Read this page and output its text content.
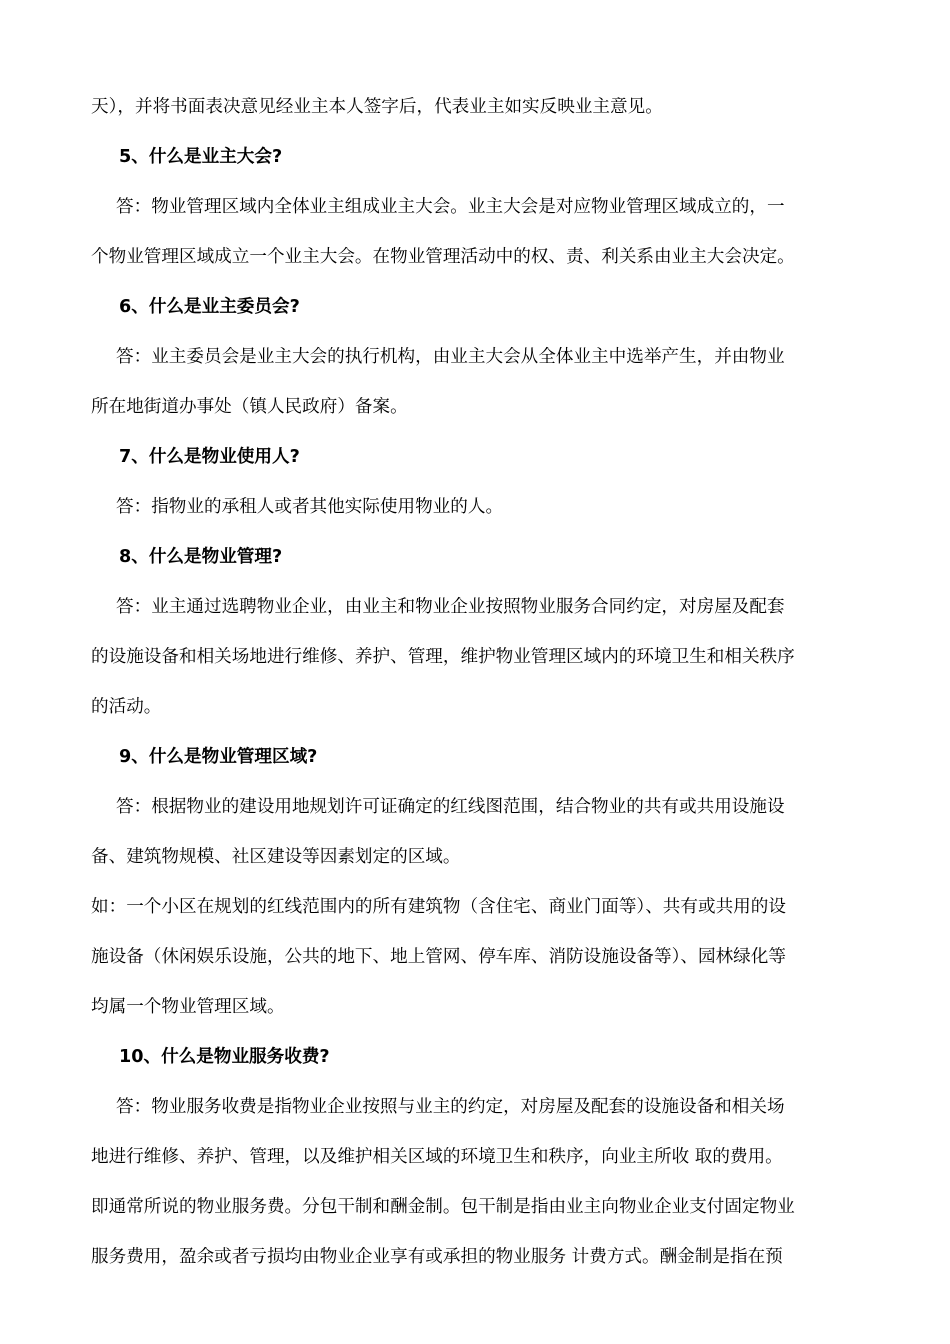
天），并将书面表决意见经业主本人签字后，代表业主如实反映业主意见。
5、什么是业主大会?
答：物业管理区域内全体业主组成业主大会。业主大会是对应物业管理区域成立的，一
个物业管理区域成立一个业主大会。在物业管理活动中的权、责、利关系由业主大会决定。
6、什么是业主委员会?
答：业主委员会是业主大会的执行机构，由业主大会从全体业主中选举产生，并由物业
所在地街道办事处（镇人民政府）备案。
7、什么是物业使用人?
答：指物业的承租人或者其他实际使用物业的人。
8、什么是物业管理?
答：业主通过选聘物业企业，由业主和物业企业按照物业服务合同约定，对房屋及配套
的设施设备和相关场地进行维修、养护、管理，维护物业管理区域内的环境卫生和相关秩序
的活动。
9、什么是物业管理区域?
答：根据物业的建设用地规划许可证确定的红线图范围，结合物业的共有或共用设施设
备、建筑物规模、社区建设等因素划定的区域。
如：一个小区在规划的红线范围内的所有建筑物（含住宅、商业门面等）、共有或共用的设
施设备（休闲娱乐设施，公共的地下、地上管网、停车库、消防设施设备等）、园林绿化等
均属一个物业管理区域。
10、什么是物业服务收费?
答：物业服务收费是指物业企业按照与业主的约定，对房屋及配套的设施设备和相关场
地进行维修、养护、管理，以及维护相关区域的环境卫生和秩序，向业主所收 取的费用。
即通常所说的物业服务费。分包干制和酬金制。包干制是指由业主向物业企业支付固定物业
服务费用，盈余或者亏损均由物业企业享有或承担的物业服务 计费方式。酬金制是指在预
